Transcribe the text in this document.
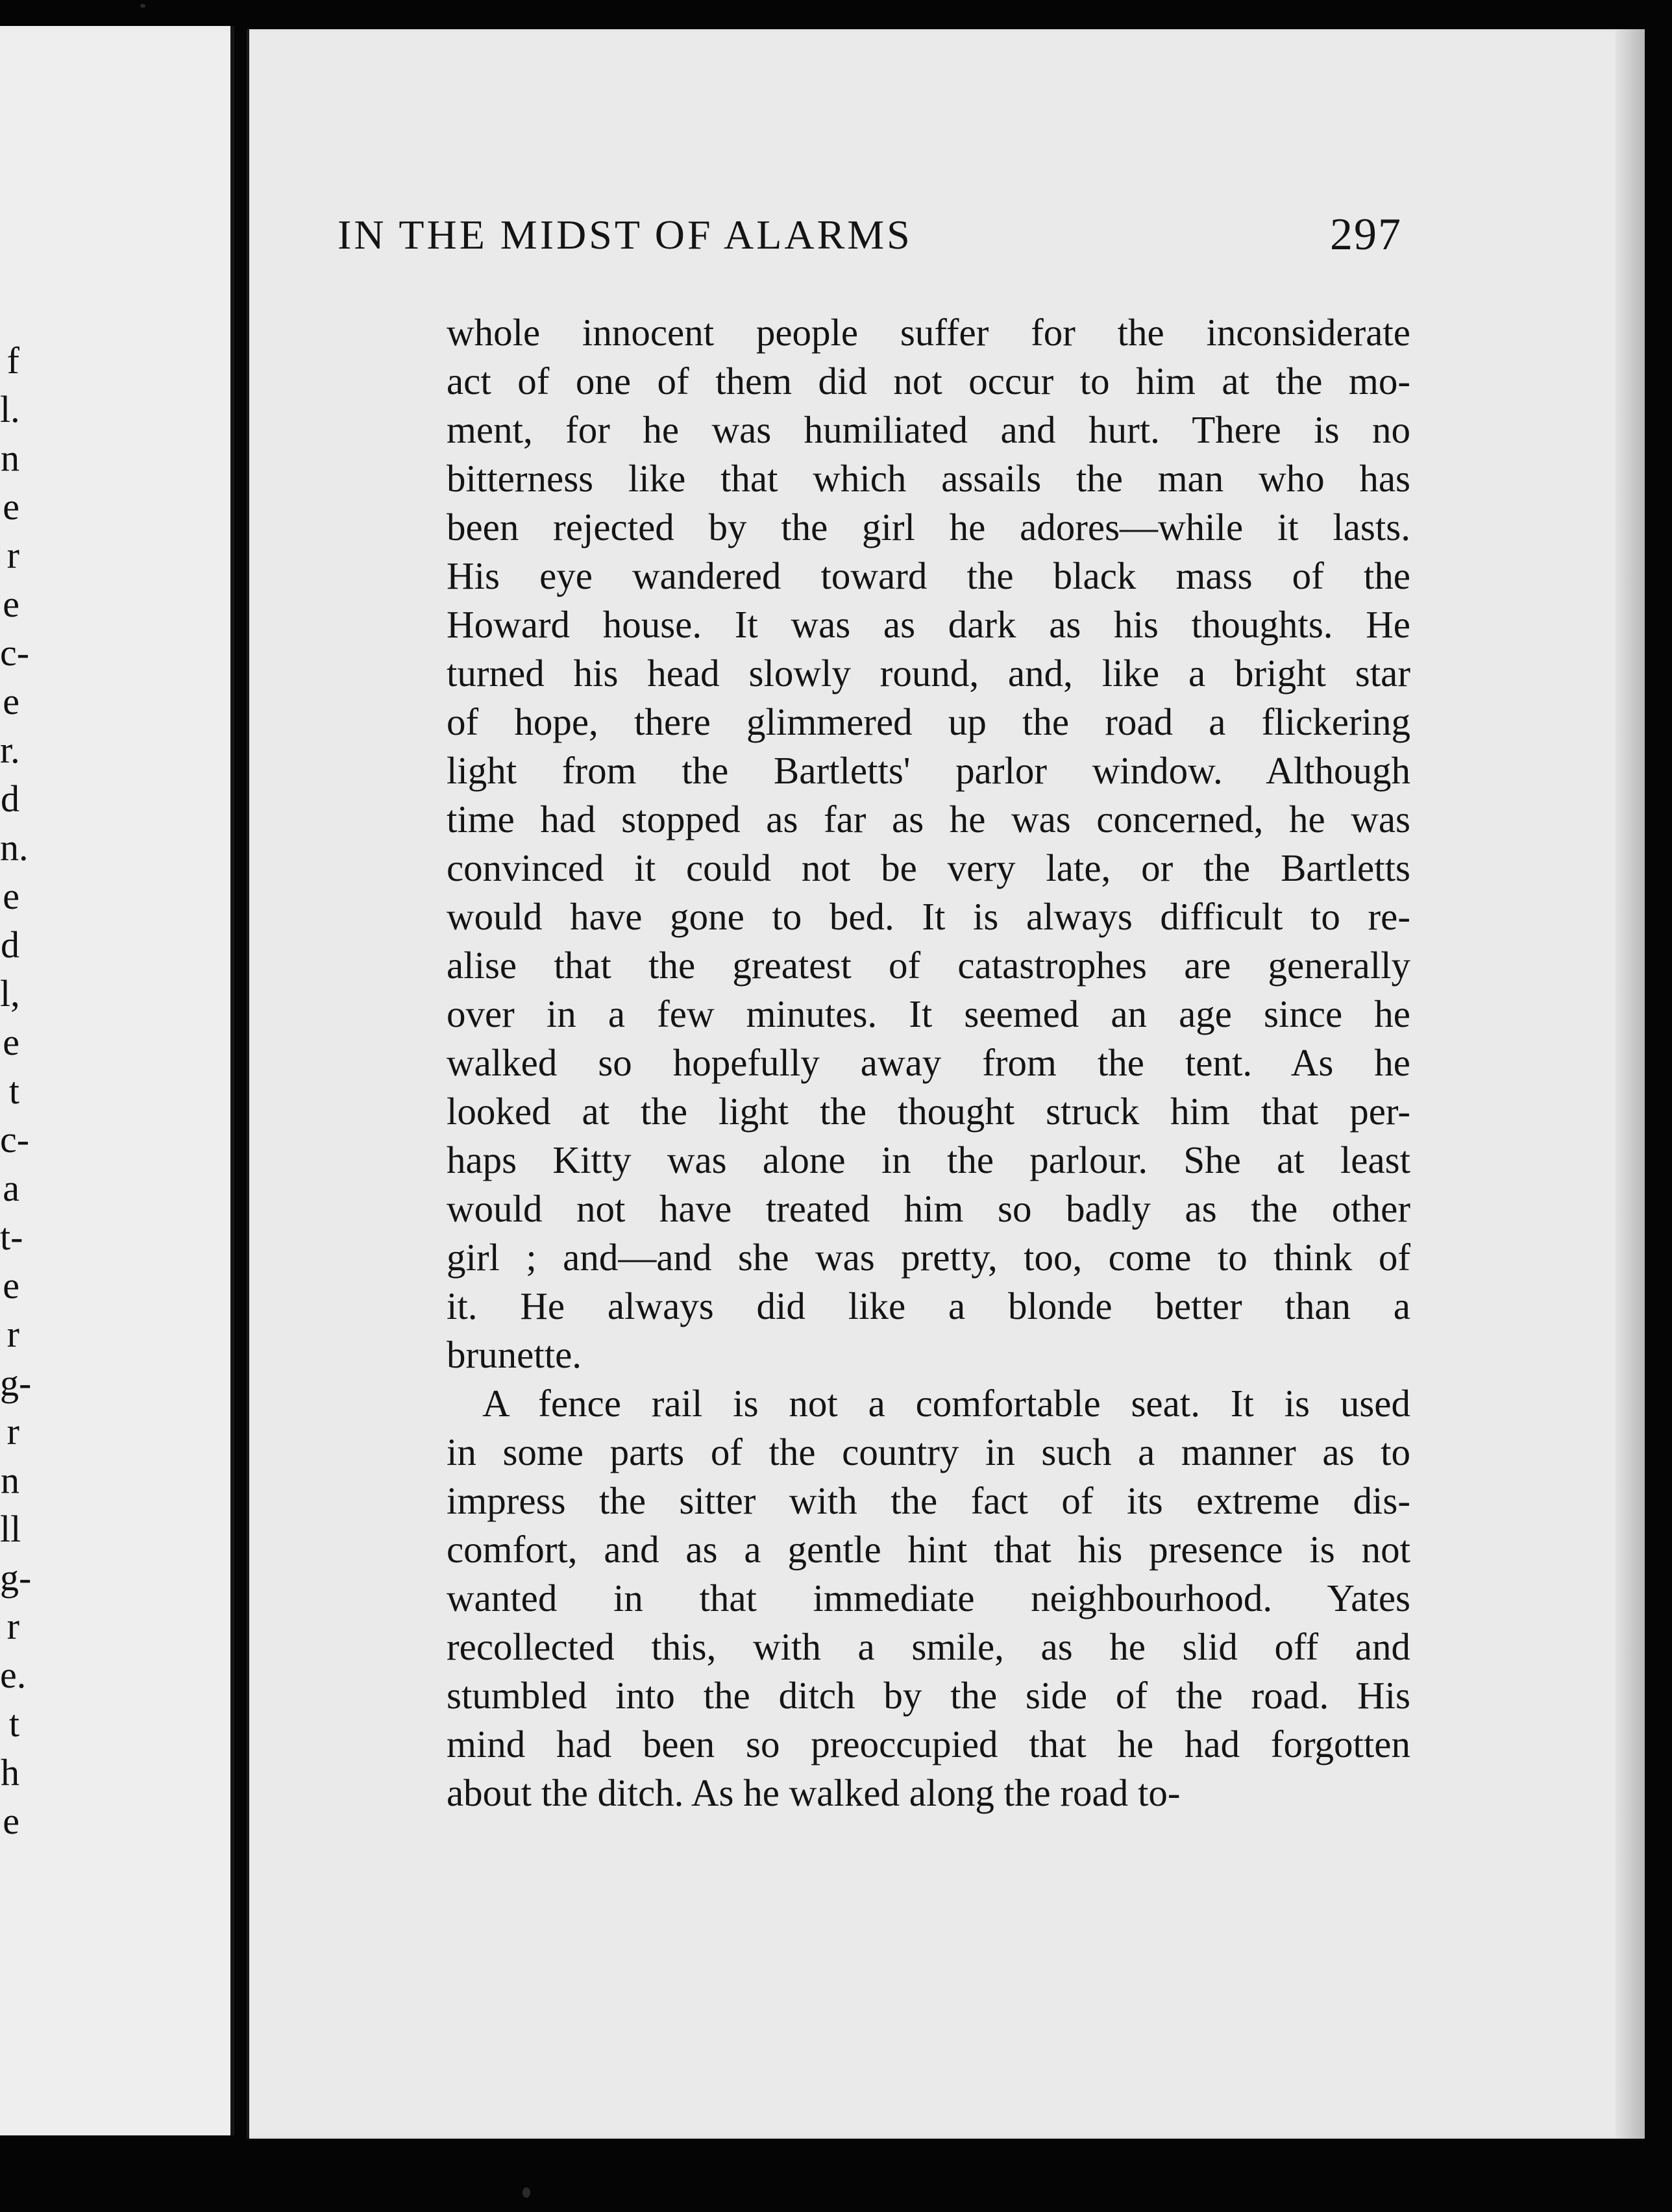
f
l.
n
e
r
e
c-
e
r.
d
n.
e
d
l,
e
t
c-
a
t-
e
r
g-
r
n
ll
g-
r
e.
t
h
e
IN THE MIDST OF ALARMS	297
whole innocent people suffer for the inconsiderate
act of one of them did not occur to him at the mo-
ment, for he was humiliated and hurt. There is no
bitterness like that which assails the man who has
been rejected by the girl he adores—while it lasts.
His eye wandered toward the black mass of the
Howard house. It was as dark as his thoughts. He
turned his head slowly round, and, like a bright star
of hope, there glimmered up the road a flickering
light from the Bartletts' parlor window. Although
time had stopped as far as he was concerned, he was
convinced it could not be very late, or the Bartletts
would have gone to bed. It is always difficult to re-
alise that the greatest of catastrophes are generally
over in a few minutes. It seemed an age since he
walked so hopefully away from the tent. As he
looked at the light the thought struck him that per-
haps Kitty was alone in the parlour. She at least
would not have treated him so badly as the other
girl ; and—and she was pretty, too, come to think of
it. He always did like a blonde better than a
brunette.
A fence rail is not a comfortable seat. It is used
in some parts of the country in such a manner as to
impress the sitter with the fact of its extreme dis-
comfort, and as a gentle hint that his presence is not
wanted in that immediate neighbourhood. Yates
recollected this, with a smile, as he slid off and
stumbled into the ditch by the side of the road. His
mind had been so preoccupied that he had forgotten
about the ditch. As he walked along the road to-
